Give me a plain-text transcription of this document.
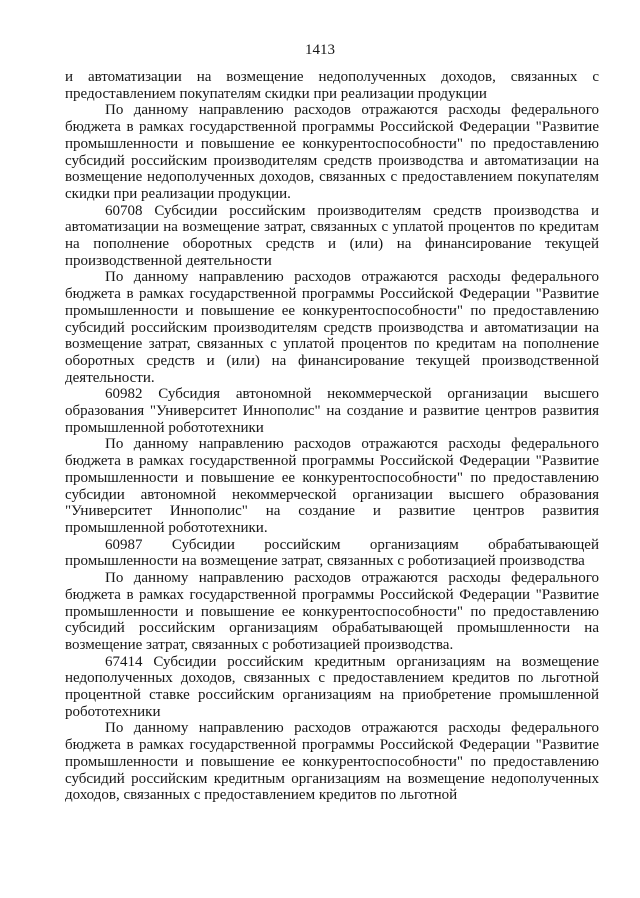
1413

и автоматизации на возмещение недополученных доходов, связанных с предоставлением покупателям скидки при реализации продукции

По данному направлению расходов отражаются расходы федерального бюджета в рамках государственной программы Российской Федерации "Развитие промышленности и повышение ее конкурентоспособности" по предоставлению субсидий российским производителям средств производства и автоматизации на возмещение недополученных доходов, связанных с предоставлением покупателям скидки при реализации продукции.

60708 Субсидии российским производителям средств производства и автоматизации на возмещение затрат, связанных с уплатой процентов по кредитам на пополнение оборотных средств и (или) на финансирование текущей производственной деятельности

По данному направлению расходов отражаются расходы федерального бюджета в рамках государственной программы Российской Федерации "Развитие промышленности и повышение ее конкурентоспособности" по предоставлению субсидий российским производителям средств производства и автоматизации на возмещение затрат, связанных с уплатой процентов по кредитам на пополнение оборотных средств и (или) на финансирование текущей производственной деятельности.

60982 Субсидия автономной некоммерческой организации высшего образования "Университет Иннополис" на создание и развитие центров развития промышленной робототехники

По данному направлению расходов отражаются расходы федерального бюджета в рамках государственной программы Российской Федерации "Развитие промышленности и повышение ее конкурентоспособности" по предоставлению субсидии автономной некоммерческой организации высшего образования "Университет Иннополис" на создание и развитие центров развития промышленной робототехники.

60987 Субсидии российским организациям обрабатывающей промышленности на возмещение затрат, связанных с роботизацией производства

По данному направлению расходов отражаются расходы федерального бюджета в рамках государственной программы Российской Федерации "Развитие промышленности и повышение ее конкурентоспособности" по предоставлению субсидий российским организациям обрабатывающей промышленности на возмещение затрат, связанных с роботизацией производства.

67414 Субсидии российским кредитным организациям на возмещение недополученных доходов, связанных с предоставлением кредитов по льготной процентной ставке российским организациям на приобретение промышленной робототехники

По данному направлению расходов отражаются расходы федерального бюджета в рамках государственной программы Российской Федерации "Развитие промышленности и повышение ее конкурентоспособности" по предоставлению субсидий российским кредитным организациям на возмещение недополученных доходов, связанных с предоставлением кредитов по льготной
